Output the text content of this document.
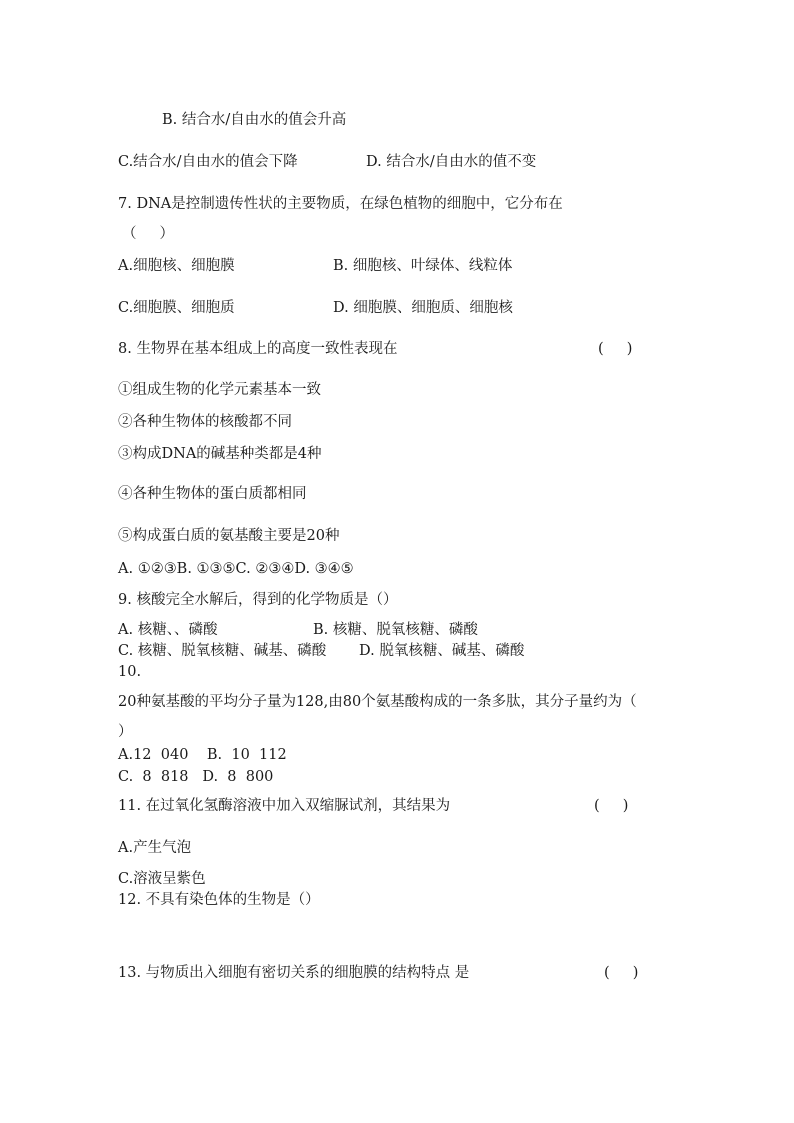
B. 结合水/自由水的值会升高
C.结合水/自由水的值会下降	D. 结合水/自由水的值不变
7. DNA是控制遗传性状的主要物质，在绿色植物的细胞中，它分布在
（     ）
A.细胞核、细胞膜	B. 细胞核、叶绿体、线粒体
C.细胞膜、细胞质	D. 细胞膜、细胞质、细胞核
8. 生物界在基本组成上的高度一致性表现在	(     )
①组成生物的化学元素基本一致
②各种生物体的核酸都不同
③构成DNA的碱基种类都是4种
④各种生物体的蛋白质都相同
⑤构成蛋白质的氨基酸主要是20种
A. ①②③B. ①③⑤C. ②③④D. ③④⑤
9. 核酸完全水解后，得到的化学物质是（）
A. 核糖、、磷酸	B. 核糖、脱氧核糖、磷酸
C. 核糖、脱氧核糖、碱基、磷酸 D. 脱氧核糖、碱基、磷酸
10.
20种氨基酸的平均分子量为128,由80个氨基酸构成的一条多肽，其分子量约为（
）
A.12  040    B.  10  112
C.  8  818   D.  8  800
11. 在过氧化氢酶溶液中加入双缩脲试剂，其结果为	(     )
A.产生气泡
C.溶液呈紫色
12. 不具有染色体的生物是（）
13. 与物质出入细胞有密切关系的细胞膜的结构特点 是	(     )
